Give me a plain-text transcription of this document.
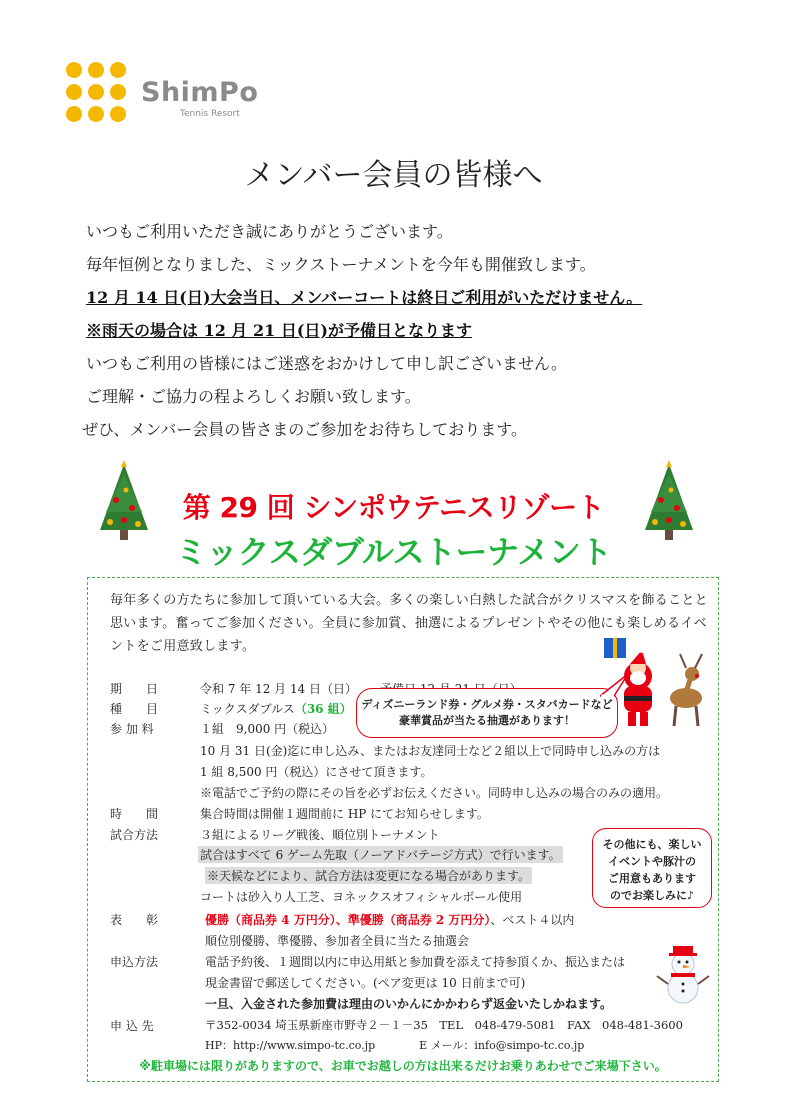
ShimPo
Tennis Resort
メンバー会員の皆様へ
いつもご利用いただき誠にありがとうございます。
毎年恒例となりました、ミックストーナメントを今年も開催致します。
12 月 14 日(日)大会当日、メンバーコートは終日ご利用がいただけません。
※雨天の場合は 12 月 21 日(日)が予備日となります
いつもご利用の皆様にはご迷惑をおかけして申し訳ございません。
ご理解・ご協力の程よろしくお願い致します。
ぜひ、メンバー会員の皆さまのご参加をお待ちしております。
第 29 回 シンポウテニスリゾート
ミックスダブルストーナメント
毎年多くの方たちに参加して頂いている大会。多くの楽しい白熱した試合がクリスマスを飾ることと思います。奮ってご参加ください。全員に参加賞、抽選によるプレゼントやその他にも楽しめるイベントをご用意致します。
期　　日	令和 7 年 12 月 14 日（日）
種　　目	ミックスダブルス（36 組）
参 加 料	１組　9,000 円（税込）
10 月 31 日(金)迄に申し込み、またはお友達同士など２組以上で同時申し込みの方は
1 組 8,500 円（税込）にさせて頂きます。
※電話でご予約の際にその旨を必ずお伝えください。同時申し込みの場合のみの適用。
時　　間	集合時間は開催１週間前に HP にてお知らせします。
試合方法	３組によるリーグ戦後、順位別トーナメント
試合はすべて 6 ゲーム先取（ノーアドバテージ方式）で行います。
※天候などにより、試合方法は変更になる場合があります。
コートは砂入り人工芝、ヨネックスオフィシャルボール使用
表　　彰	優勝（商品券 4 万円分）、準優勝（商品券 2 万円分）、ベスト４以内
順位別優勝、準優勝、参加者全員に当たる抽選会
申込方法	電話予約後、１週間以内に申込用紙と参加費を添えて持参頂くか、振込または
現金書留で郵送してください。(ペア変更は 10 日前まで可)
一旦、入金された参加費は理由のいかんにかかわらず返金いたしかねます。
申 込 先	〒352-0034 埼玉県新座市野寺２－１－35　TEL　048-479-5081　FAX　048-481-3600
HP：http://www.simpo-tc.co.jp　　　　E メール：info@simpo-tc.co.jp
ディズニーランド券・グルメ券・スタバカードなど
豪華賞品が当たる抽選があります！
その他にも、楽しい
イベントや豚汁の
ご用意もあります
のでお楽しみに♪
※駐車場には限りがありますので、お車でお越しの方は出来るだけお乗りあわせでご来場下さい。
